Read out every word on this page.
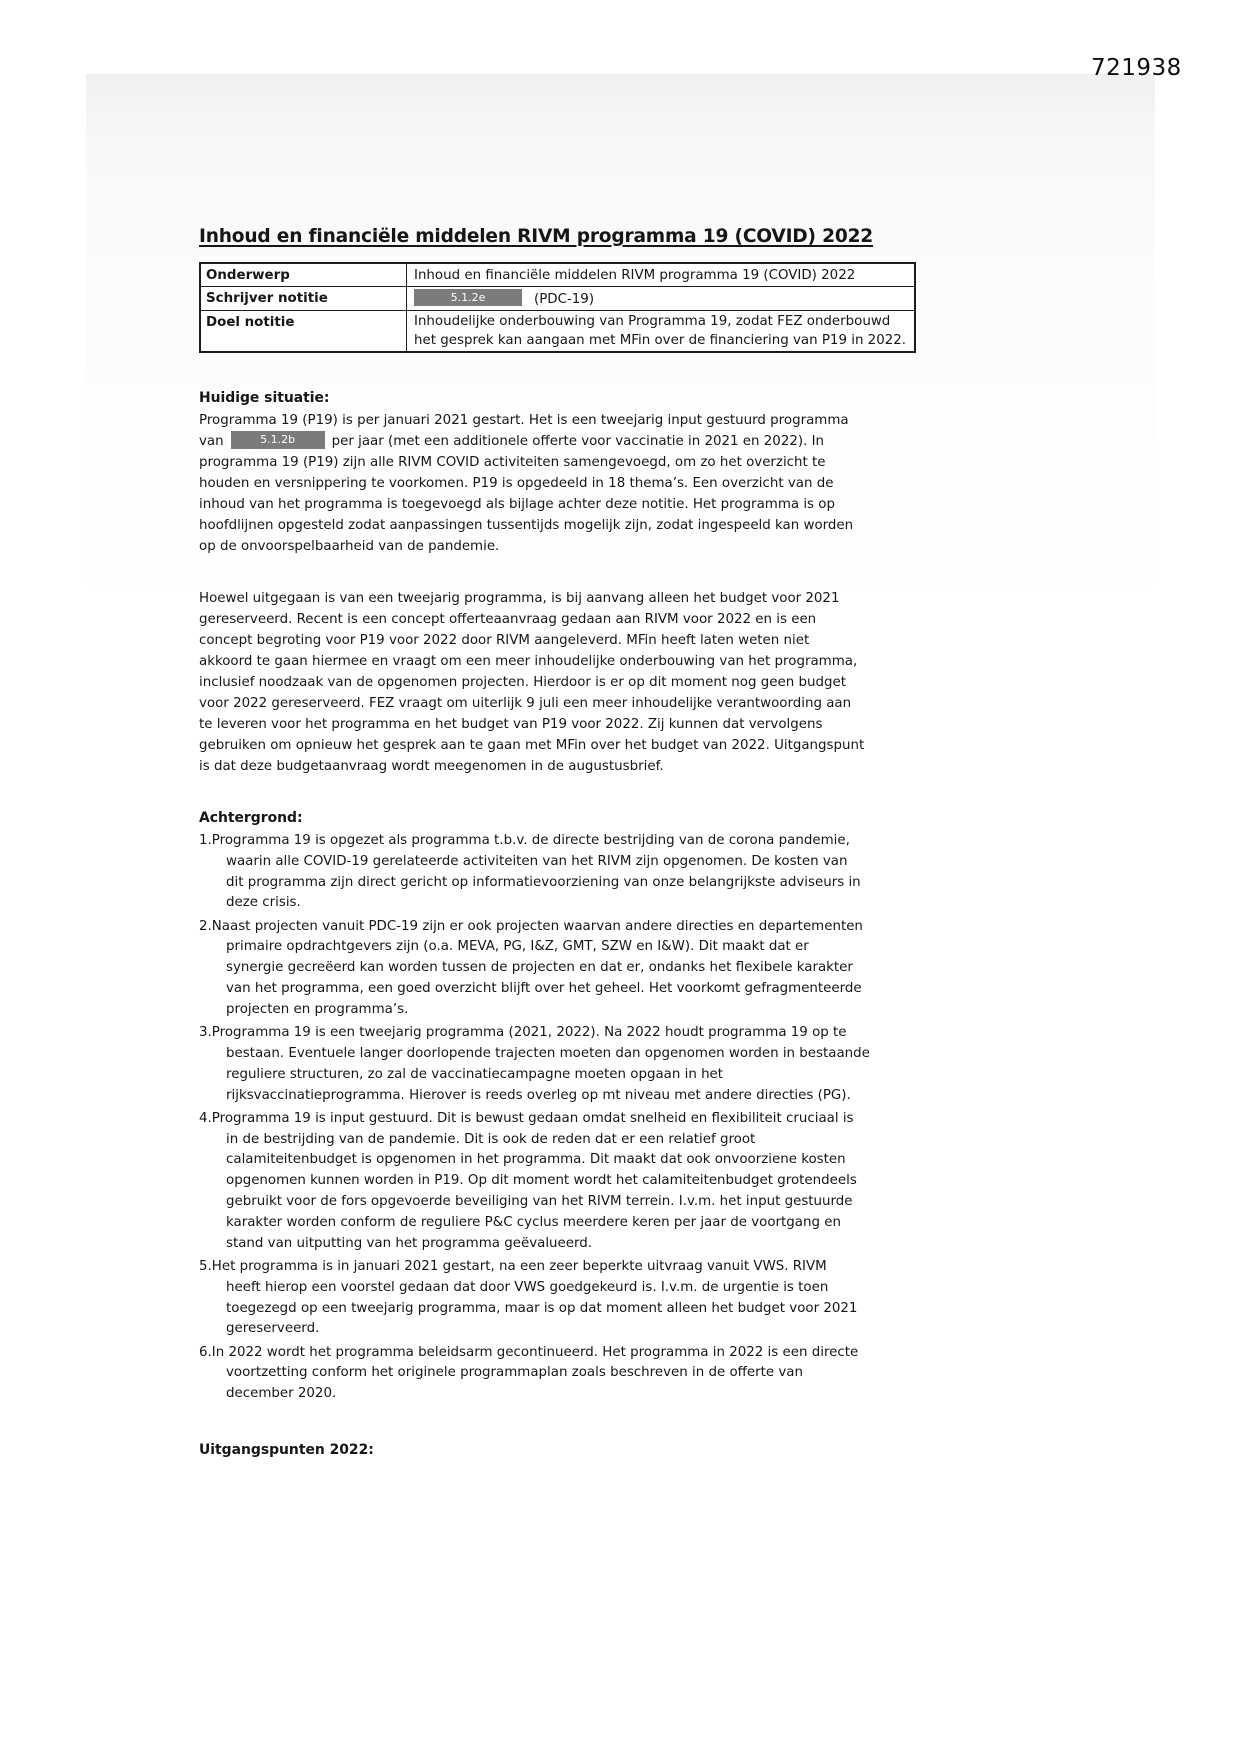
721938
Inhoud en financiële middelen RIVM programma 19 (COVID) 2022
Onderwerp	Inhoud en financiële middelen RIVM programma 19 (COVID) 2022
Schrijver notitie	5.1.2e	(PDC-19)
Doel notitie	Inhoudelijke onderbouwing van Programma 19, zodat FEZ onderbouwd
het gesprek kan aangaan met MFin over de financiering van P19 in 2022.
Huidige situatie:
Programma 19 (P19) is per januari 2021 gestart. Het is een tweejarig input gestuurd programma
van	5.1.2b	per jaar (met een additionele offerte voor vaccinatie in 2021 en 2022). In
programma 19 (P19) zijn alle RIVM COVID activiteiten samengevoegd, om zo het overzicht te
houden en versnippering te voorkomen. P19 is opgedeeld in 18 thema’s. Een overzicht van de
inhoud van het programma is toegevoegd als bijlage achter deze notitie. Het programma is op
hoofdlijnen opgesteld zodat aanpassingen tussentijds mogelijk zijn, zodat ingespeeld kan worden
op de onvoorspelbaarheid van de pandemie.
Hoewel uitgegaan is van een tweejarig programma, is bij aanvang alleen het budget voor 2021
gereserveerd. Recent is een concept offerteaanvraag gedaan aan RIVM voor 2022 en is een
concept begroting voor P19 voor 2022 door RIVM aangeleverd. MFin heeft laten weten niet
akkoord te gaan hiermee en vraagt om een meer inhoudelijke onderbouwing van het programma,
inclusief noodzaak van de opgenomen projecten. Hierdoor is er op dit moment nog geen budget
voor 2022 gereserveerd. FEZ vraagt om uiterlijk 9 juli een meer inhoudelijke verantwoording aan
te leveren voor het programma en het budget van P19 voor 2022. Zij kunnen dat vervolgens
gebruiken om opnieuw het gesprek aan te gaan met MFin over het budget van 2022. Uitgangspunt
is dat deze budgetaanvraag wordt meegenomen in de augustusbrief.
Achtergrond:
1.Programma 19 is opgezet als programma t.b.v. de directe bestrijding van de corona pandemie,
waarin alle COVID-19 gerelateerde activiteiten van het RIVM zijn opgenomen. De kosten van
dit programma zijn direct gericht op informatievoorziening van onze belangrijkste adviseurs in
deze crisis.
2.Naast projecten vanuit PDC-19 zijn er ook projecten waarvan andere directies en departementen
primaire opdrachtgevers zijn (o.a. MEVA, PG, I&Z, GMT, SZW en I&W). Dit maakt dat er
synergie gecreëerd kan worden tussen de projecten en dat er, ondanks het flexibele karakter
van het programma, een goed overzicht blijft over het geheel. Het voorkomt gefragmenteerde
projecten en programma’s.
3.Programma 19 is een tweejarig programma (2021, 2022). Na 2022 houdt programma 19 op te
bestaan. Eventuele langer doorlopende trajecten moeten dan opgenomen worden in bestaande
reguliere structuren, zo zal de vaccinatiecampagne moeten opgaan in het
rijksvaccinatieprogramma. Hierover is reeds overleg op mt niveau met andere directies (PG).
4.Programma 19 is input gestuurd. Dit is bewust gedaan omdat snelheid en flexibiliteit cruciaal is
in de bestrijding van de pandemie. Dit is ook de reden dat er een relatief groot
calamiteitenbudget is opgenomen in het programma. Dit maakt dat ook onvoorziene kosten
opgenomen kunnen worden in P19. Op dit moment wordt het calamiteitenbudget grotendeels
gebruikt voor de fors opgevoerde beveiliging van het RIVM terrein. I.v.m. het input gestuurde
karakter worden conform de reguliere P&C cyclus meerdere keren per jaar de voortgang en
stand van uitputting van het programma geëvalueerd.
5.Het programma is in januari 2021 gestart, na een zeer beperkte uitvraag vanuit VWS. RIVM
heeft hierop een voorstel gedaan dat door VWS goedgekeurd is. I.v.m. de urgentie is toen
toegezegd op een tweejarig programma, maar is op dat moment alleen het budget voor 2021
gereserveerd.
6.In 2022 wordt het programma beleidsarm gecontinueerd. Het programma in 2022 is een directe
voortzetting conform het originele programmaplan zoals beschreven in de offerte van
december 2020.
Uitgangspunten 2022:
